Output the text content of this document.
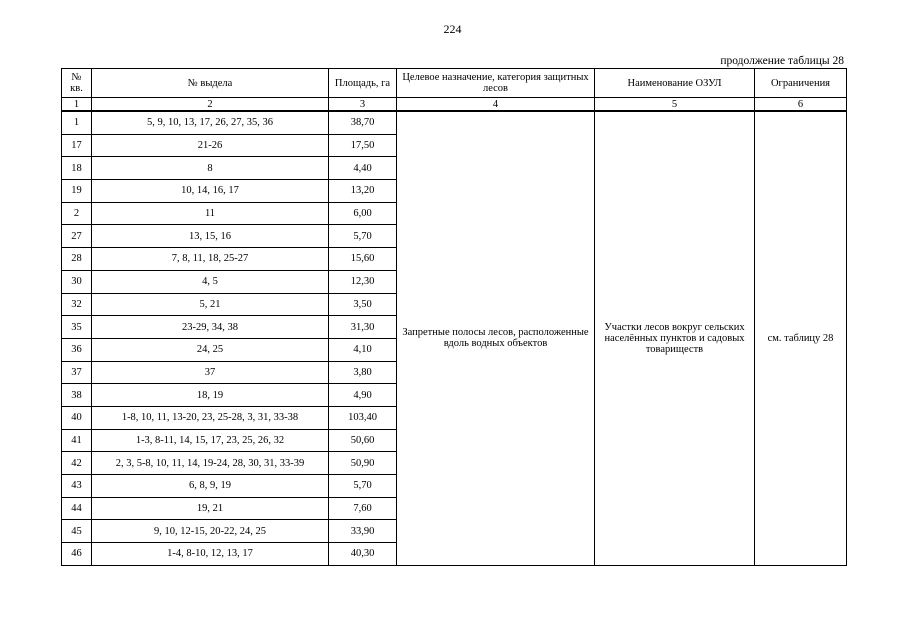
224
продолжение таблицы 28
№ кв.	№ выдела	Площадь, га	Целевое назначение, категория защитных лесов	Наименование ОЗУЛ	Ограничения
1	2	3	4	5	6
1	5, 9, 10, 13, 17, 26, 27, 35, 36	38,70	Запретные полосы лесов, расположенные вдоль водных объектов	Участки лесов вокруг сельских населённых пунктов и садовых товариществ	см. таблицу 28
17	21-26	17,50			
18	8	4,40			
19	10, 14, 16, 17	13,20			
2	11	6,00			
27	13, 15, 16	5,70			
28	7, 8, 11, 18, 25-27	15,60			
30	4, 5	12,30			
32	5, 21	3,50			
35	23-29, 34, 38	31,30			
36	24, 25	4,10			
37	37	3,80			
38	18, 19	4,90			
40	1-8, 10, 11, 13-20, 23, 25-28, 3, 31, 33-38	103,40			
41	1-3, 8-11, 14, 15, 17, 23, 25, 26, 32	50,60			
42	2, 3, 5-8, 10, 11, 14, 19-24, 28, 30, 31, 33-39	50,90			
43	6, 8, 9, 19	5,70			
44	19, 21	7,60			
45	9, 10, 12-15, 20-22, 24, 25	33,90			
46	1-4, 8-10, 12, 13, 17	40,30			
